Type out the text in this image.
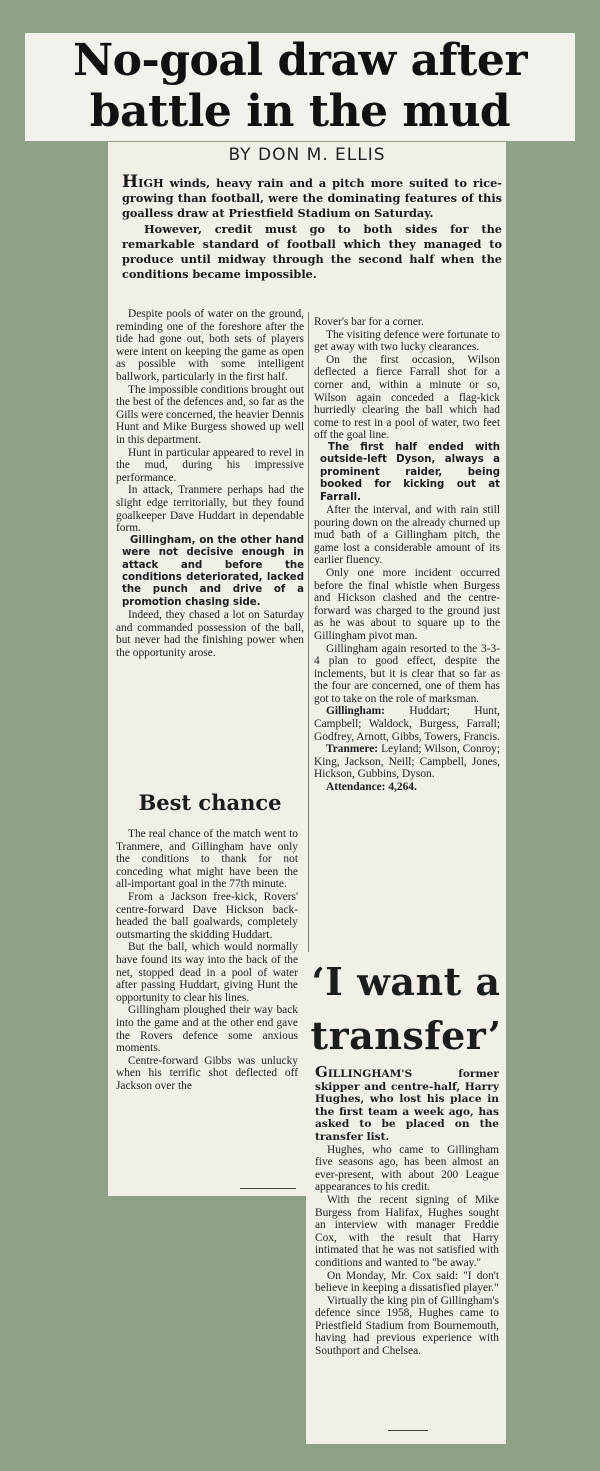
No-goal draw after
battle in the mud
BY DON M. ELLIS

HIGH winds, heavy rain and a pitch more suited to rice-growing than football, were the dominating features of this goalless draw at Priestfield Stadium on Saturday.

However, credit must go to both sides for the remarkable standard of football which they managed to produce until midway through the second half when the conditions became impossible.

Despite pools of water on the ground, reminding one of the foreshore after the tide had gone out, both sets of players were intent on keeping the game as open as possible with some intelligent ballwork, particularly in the first half.

The impossible conditions brought out the best of the defences and, so far as the Gills were concerned, the heavier Dennis Hunt and Mike Burgess showed up well in this department.

Hunt in particular appeared to revel in the mud, during his impressive performance.

In attack, Tranmere perhaps had the slight edge territorially, but they found goalkeeper Dave Huddart in dependable form.

Gillingham, on the other hand were not decisive enough in attack and before the conditions deteriorated, lacked the punch and drive of a promotion chasing side.

Indeed, they chased a lot on Saturday and commanded possession of the ball, but never had the finishing power when the opportunity arose.

Best chance

The real chance of the match went to Tranmere, and Gillingham have only the conditions to thank for not conceding what might have been the all-important goal in the 77th minute.

From a Jackson free-kick, Rovers' centre-forward Dave Hickson back-headed the ball goalwards, completely outsmarting the skidding Huddart.

But the ball, which would normally have found its way into the back of the net, stopped dead in a pool of water after passing Huddart, giving Hunt the opportunity to clear his lines.

Gillingham ploughed their way back into the game and at the other end gave the Rovers defence some anxious moments.

Centre-forward Gibbs was unlucky when his terrific shot deflected off Jackson over the

Rover's bar for a corner.

The visiting defence were fortunate to get away with two lucky clearances.

On the first occasion, Wilson deflected a fierce Farrall shot for a corner and, within a minute or so, Wilson again conceded a flag-kick hurriedly clearing the ball which had come to rest in a pool of water, two feet off the goal line.

The first half ended with outside-left Dyson, always a prominent raider, being booked for kicking out at Farrall.

After the interval, and with rain still pouring down on the already churned up mud bath of a Gillingham pitch, the game lost a considerable amount of its earlier fluency.

Only one more incident occurred before the final whistle when Burgess and Hickson clashed and the centre-forward was charged to the ground just as he was about to square up to the Gillingham pivot man.

Gillingham again resorted to the 3-3-4 plan to good effect, despite the inclements, but it is clear that so far as the four are concerned, one of them has got to take on the role of marksman.

Gillingham: Huddart; Hunt, Campbell; Waldock, Burgess, Farrall; Godfrey, Arnott, Gibbs, Towers, Francis.

Tranmere: Leyland; Wilson, Conroy; King, Jackson, Neill; Campbell, Jones, Hickson, Gubbins, Dyson.

Attendance: 4,264.

‘I want a
transfer’

GILLINGHAM'S former skipper and centre-half, Harry Hughes, who lost his place in the first team a week ago, has asked to be placed on the transfer list.

Hughes, who came to Gillingham five seasons ago, has been almost an ever-present, with about 200 League appearances to his credit.

With the recent signing of Mike Burgess from Halifax, Hughes sought an interview with manager Freddie Cox, with the result that Harry intimated that he was not satisfied with conditions and wanted to "be away."

On Monday, Mr. Cox said: "I don't believe in keeping a dissatisfied player."

Virtually the king pin of Gillingham's defence since 1958, Hughes came to Priestfield Stadium from Bournemouth, having had previous experience with Southport and Chelsea.
